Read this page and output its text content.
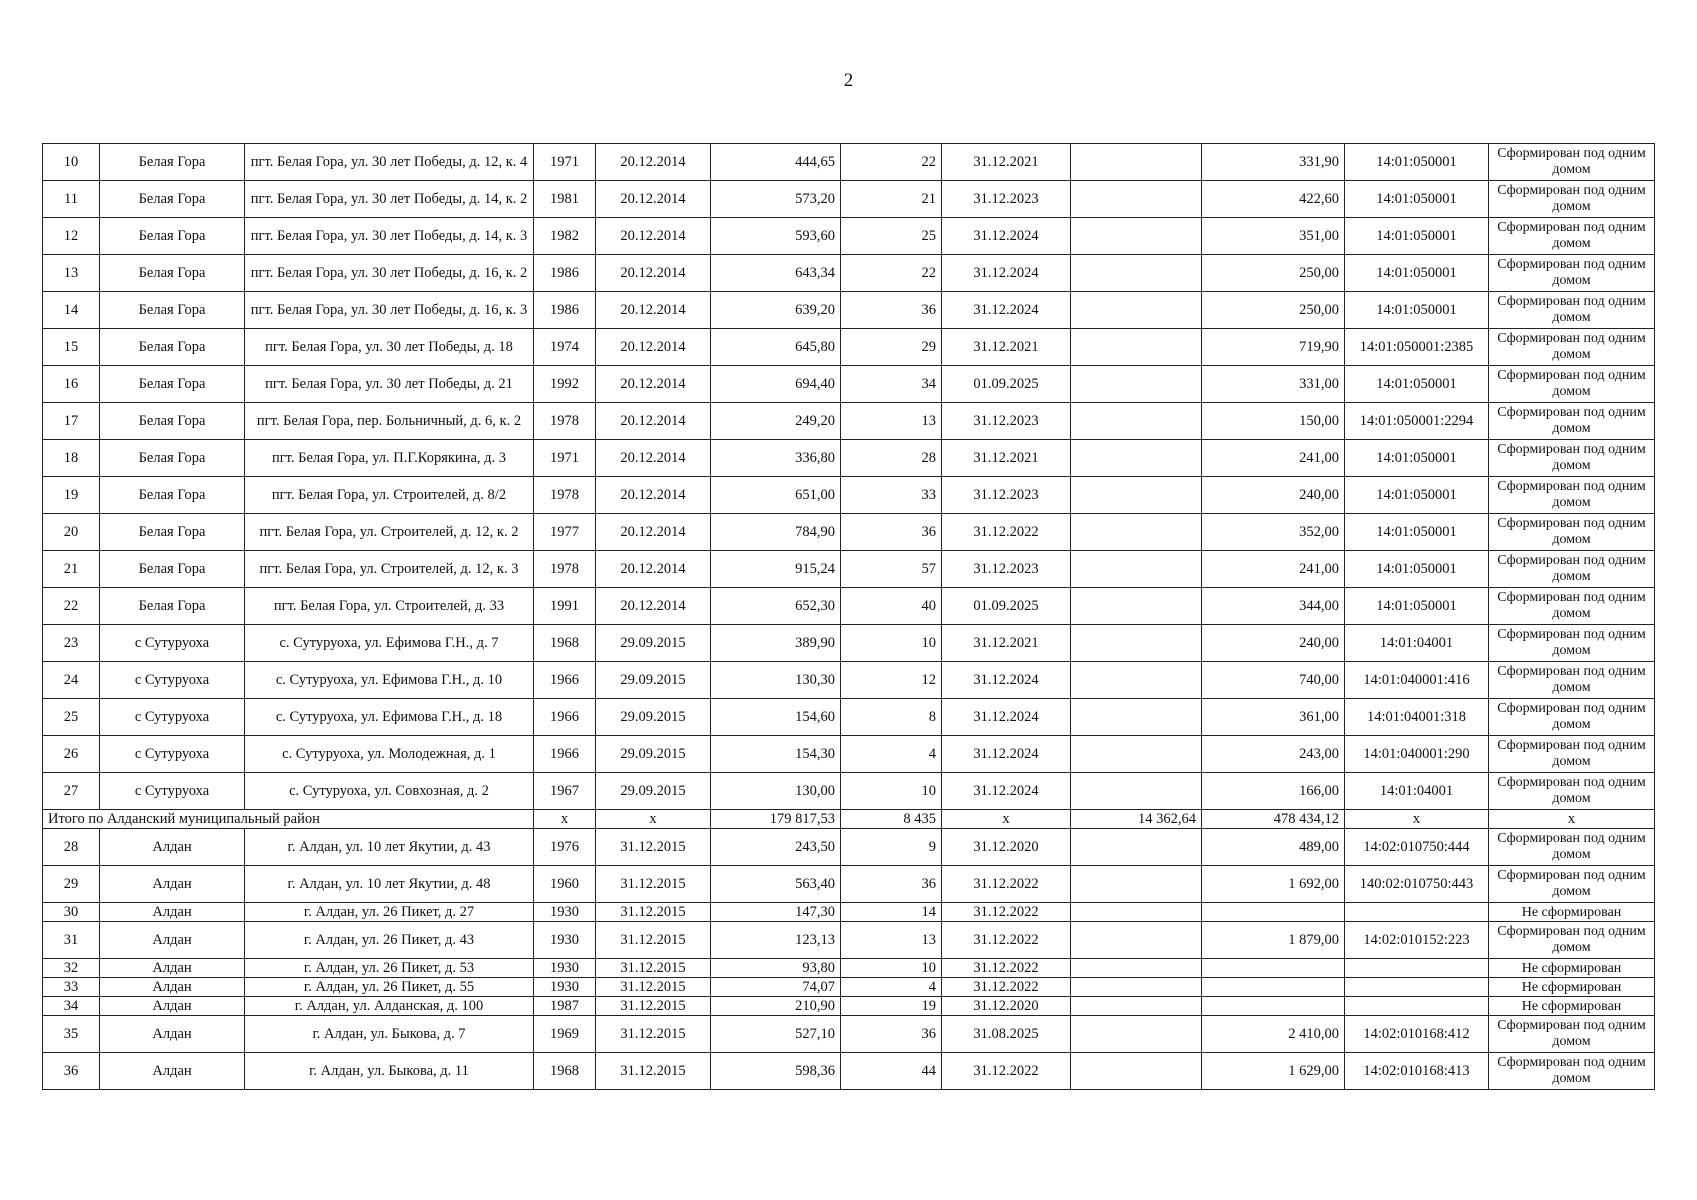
2
10	Белая Гора	пгт. Белая Гора, ул. 30 лет Победы, д. 12, к. 4	1971	20.12.2014	444,65	22	31.12.2021		331,90	14:01:050001	Сформирован под одним домом
11	Белая Гора	пгт. Белая Гора, ул. 30 лет Победы, д. 14, к. 2	1981	20.12.2014	573,20	21	31.12.2023		422,60	14:01:050001	Сформирован под одним домом
12	Белая Гора	пгт. Белая Гора, ул. 30 лет Победы, д. 14, к. 3	1982	20.12.2014	593,60	25	31.12.2024		351,00	14:01:050001	Сформирован под одним домом
13	Белая Гора	пгт. Белая Гора, ул. 30 лет Победы, д. 16, к. 2	1986	20.12.2014	643,34	22	31.12.2024		250,00	14:01:050001	Сформирован под одним домом
14	Белая Гора	пгт. Белая Гора, ул. 30 лет Победы, д. 16, к. 3	1986	20.12.2014	639,20	36	31.12.2024		250,00	14:01:050001	Сформирован под одним домом
15	Белая Гора	пгт. Белая Гора, ул. 30 лет Победы, д. 18	1974	20.12.2014	645,80	29	31.12.2021		719,90	14:01:050001:2385	Сформирован под одним домом
16	Белая Гора	пгт. Белая Гора, ул. 30 лет Победы, д. 21	1992	20.12.2014	694,40	34	01.09.2025		331,00	14:01:050001	Сформирован под одним домом
17	Белая Гора	пгт. Белая Гора, пер. Больничный, д. 6, к. 2	1978	20.12.2014	249,20	13	31.12.2023		150,00	14:01:050001:2294	Сформирован под одним домом
18	Белая Гора	пгт. Белая Гора, ул. П.Г.Корякина, д. 3	1971	20.12.2014	336,80	28	31.12.2021		241,00	14:01:050001	Сформирован под одним домом
19	Белая Гора	пгт. Белая Гора, ул. Строителей, д. 8/2	1978	20.12.2014	651,00	33	31.12.2023		240,00	14:01:050001	Сформирован под одним домом
20	Белая Гора	пгт. Белая Гора, ул. Строителей, д. 12, к. 2	1977	20.12.2014	784,90	36	31.12.2022		352,00	14:01:050001	Сформирован под одним домом
21	Белая Гора	пгт. Белая Гора, ул. Строителей, д. 12, к. 3	1978	20.12.2014	915,24	57	31.12.2023		241,00	14:01:050001	Сформирован под одним домом
22	Белая Гора	пгт. Белая Гора, ул. Строителей, д. 33	1991	20.12.2014	652,30	40	01.09.2025		344,00	14:01:050001	Сформирован под одним домом
23	с Сутуруоха	с. Сутуруоха, ул. Ефимова Г.Н., д. 7	1968	29.09.2015	389,90	10	31.12.2021		240,00	14:01:04001	Сформирован под одним домом
24	с Сутуруоха	с. Сутуруоха, ул. Ефимова Г.Н., д. 10	1966	29.09.2015	130,30	12	31.12.2024		740,00	14:01:040001:416	Сформирован под одним домом
25	с Сутуруоха	с. Сутуруоха, ул. Ефимова Г.Н., д. 18	1966	29.09.2015	154,60	8	31.12.2024		361,00	14:01:04001:318	Сформирован под одним домом
26	с Сутуруоха	с. Сутуруоха, ул. Молодежная, д. 1	1966	29.09.2015	154,30	4	31.12.2024		243,00	14:01:040001:290	Сформирован под одним домом
27	с Сутуруоха	с. Сутуруоха, ул. Совхозная, д. 2	1967	29.09.2015	130,00	10	31.12.2024		166,00	14:01:04001	Сформирован под одним домом
Итого по Алданский муниципальный район			x	x	179 817,53	8 435	x	14 362,64	478 434,12	x	x
28	Алдан	г. Алдан, ул. 10 лет Якутии, д. 43	1976	31.12.2015	243,50	9	31.12.2020		489,00	14:02:010750:444	Сформирован под одним домом
29	Алдан	г. Алдан, ул. 10 лет Якутии, д. 48	1960	31.12.2015	563,40	36	31.12.2022		1 692,00	140:02:010750:443	Сформирован под одним домом
30	Алдан	г. Алдан, ул. 26 Пикет, д. 27	1930	31.12.2015	147,30	14	31.12.2022				Не сформирован
31	Алдан	г. Алдан, ул. 26 Пикет, д. 43	1930	31.12.2015	123,13	13	31.12.2022		1 879,00	14:02:010152:223	Сформирован под одним домом
32	Алдан	г. Алдан, ул. 26 Пикет, д. 53	1930	31.12.2015	93,80	10	31.12.2022				Не сформирован
33	Алдан	г. Алдан, ул. 26 Пикет, д. 55	1930	31.12.2015	74,07	4	31.12.2022				Не сформирован
34	Алдан	г. Алдан, ул. Алданская, д. 100	1987	31.12.2015	210,90	19	31.12.2020				Не сформирован
35	Алдан	г. Алдан, ул. Быкова, д. 7	1969	31.12.2015	527,10	36	31.08.2025		2 410,00	14:02:010168:412	Сформирован под одним домом
36	Алдан	г. Алдан, ул. Быкова, д. 11	1968	31.12.2015	598,36	44	31.12.2022		1 629,00	14:02:010168:413	Сформирован под одним домом
